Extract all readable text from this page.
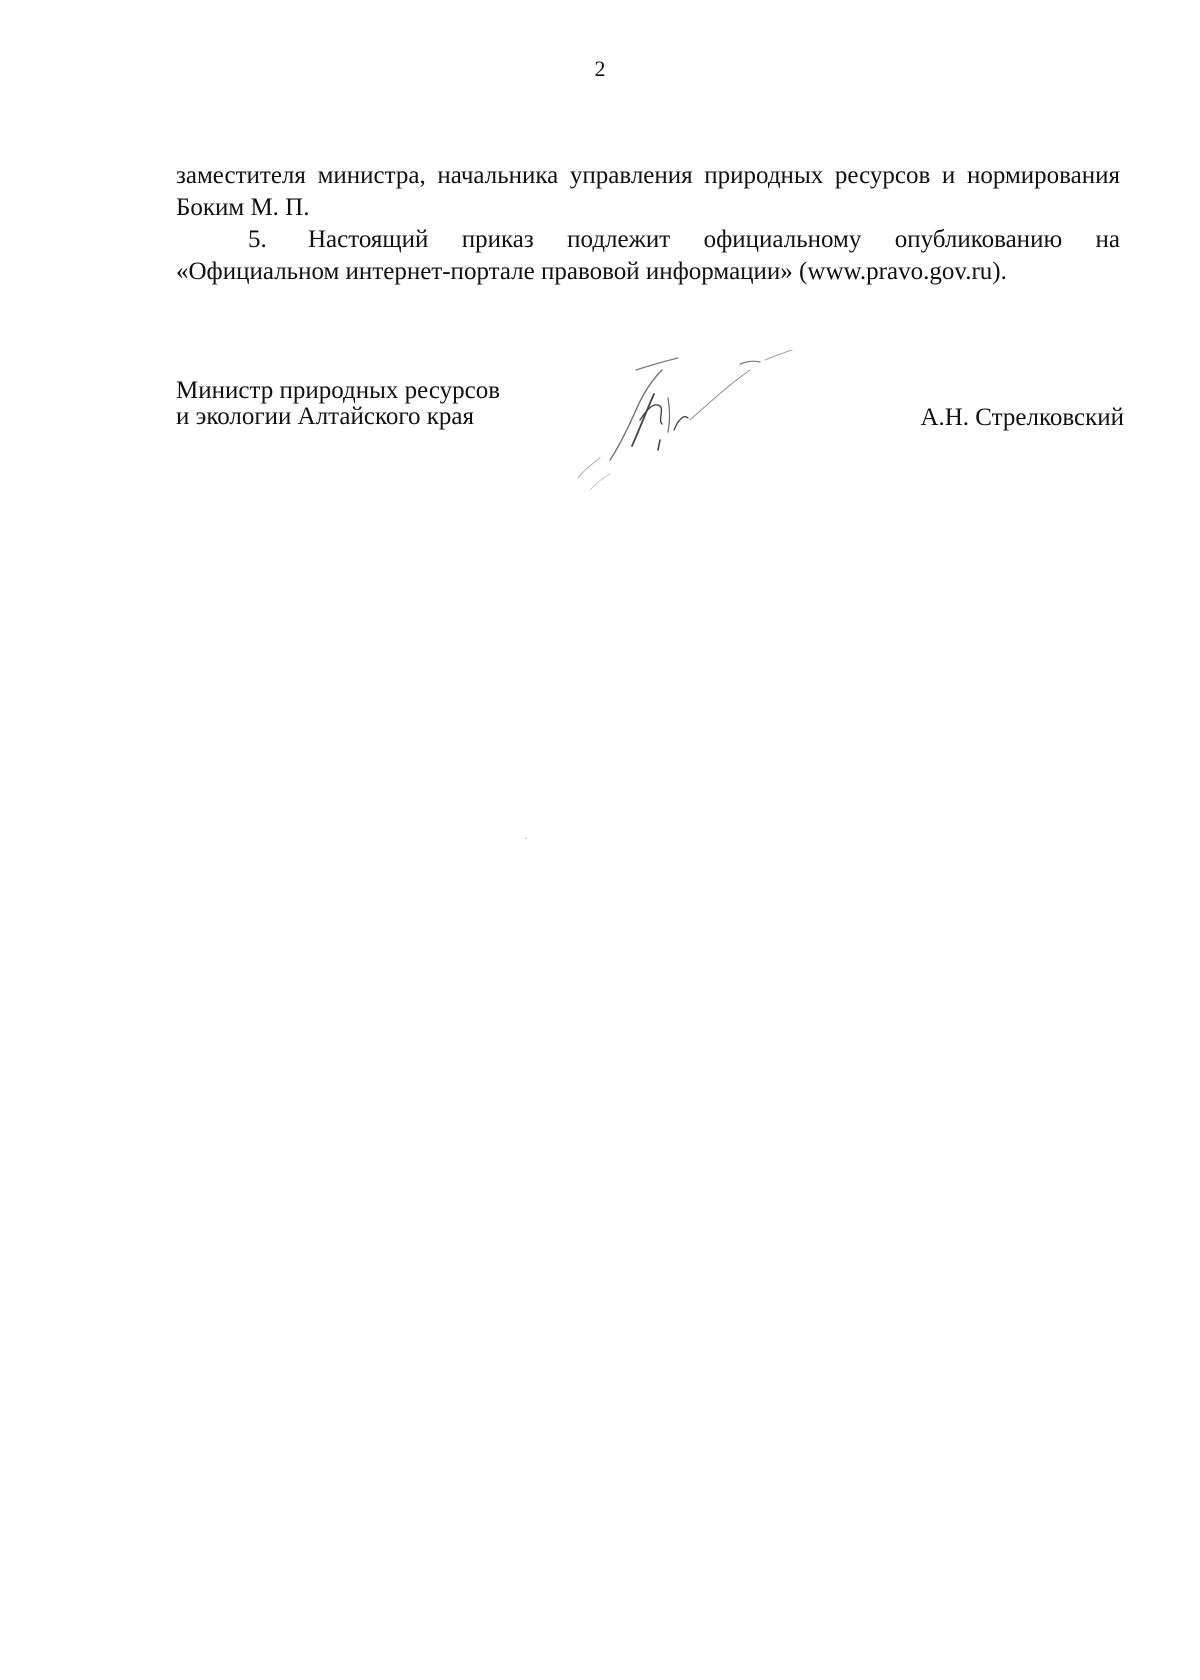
2

заместителя министра, начальника управления природных ресурсов и нормирования Боким М. П.

5. Настоящий приказ подлежит официальному опубликованию на «Официальном интернет-портале правовой информации» (www.pravo.gov.ru).

Министр природных ресурсов
и экологии Алтайского края	А.Н. Стрелковский
